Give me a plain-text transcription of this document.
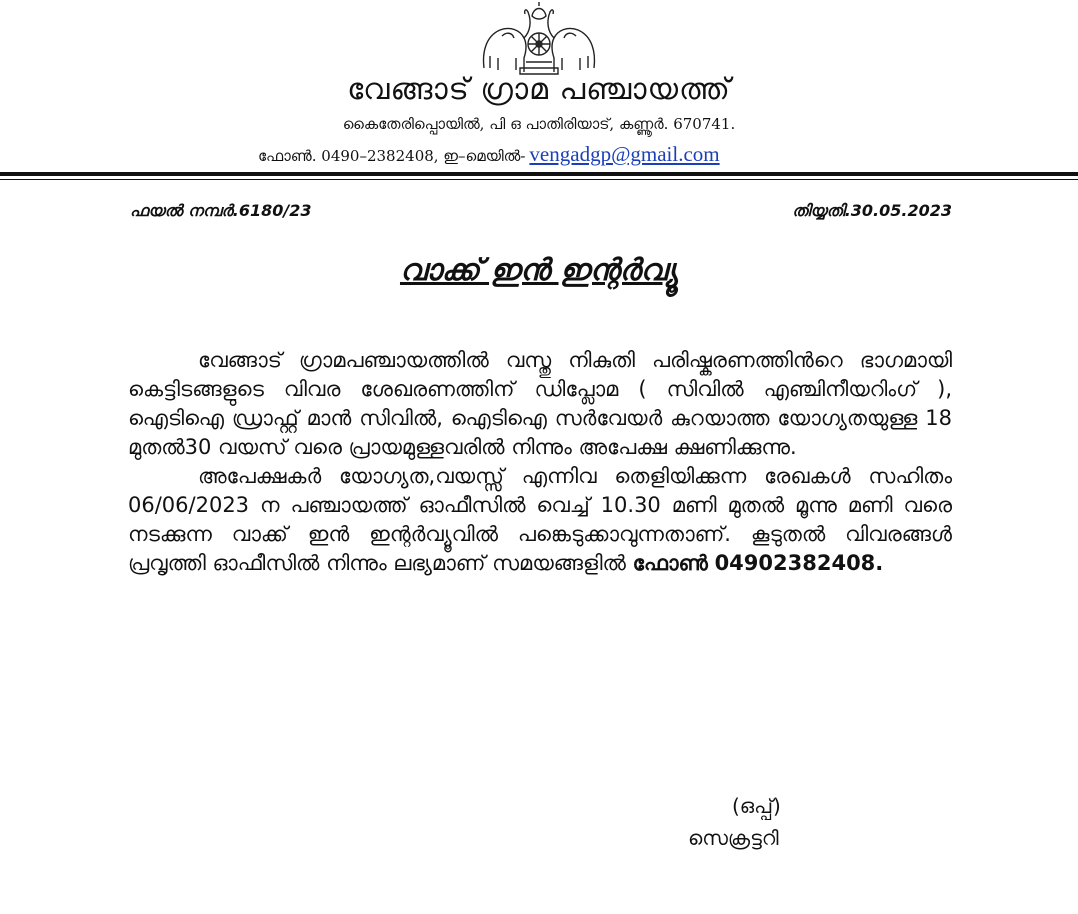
വേങ്ങാട് ഗ്രാമ പഞ്ചായത്ത്
കൈതേരിപ്പൊയിൽ, പി ഒ പാതിരിയാട്, കണ്ണൂർ. 670741.
ഫോൺ. 0490–2382408, ഇ–മെയിൽ- vengadgp@gmail.com
ഫയൽ നമ്പർ.6180/23	തിയ്യതി.30.05.2023
വാക്ക് ഇൻ ഇന്റർവ്യൂ

വേങ്ങാട് ഗ്രാമപഞ്ചായത്തിൽ വസ്തു നികുതി പരിഷ്കരണത്തിൻറെ ഭാഗമായി കെട്ടിടങ്ങളുടെ വിവര ശേഖരണത്തിന് ഡിപ്ലോമ ( സിവിൽ എഞ്ചിനീയറിംഗ് ), ഐടിഐ ഡ്രാഫ്റ്റ് മാൻ സിവിൽ, ഐടിഐ സർവേയർ കുറയാത്ത യോഗ്യതയുള്ള 18 മുതൽ30 വയസ് വരെ പ്രായമുള്ളവരിൽ നിന്നും അപേക്ഷ ക്ഷണിക്കുന്നു.

അപേക്ഷകർ യോഗ്യത,വയസ്സ് എന്നിവ തെളിയിക്കുന്ന രേഖകൾ സഹിതം 06/06/2023 ന പഞ്ചായത്ത് ഓഫീസിൽ വെച്ച് 10.30 മണി മുതൽ മൂന്നു മണി വരെ നടക്കുന്ന വാക്ക് ഇൻ ഇന്റർവ്യൂവിൽ പങ്കെടുക്കാവുന്നതാണ്. കൂടുതൽ വിവരങ്ങൾ പ്രവൃത്തി ഓഫീസിൽ നിന്നും ലഭ്യമാണ് സമയങ്ങളിൽ ഫോൺ 04902382408.

(ഒപ്പ്)
സെക്രട്ടറി
